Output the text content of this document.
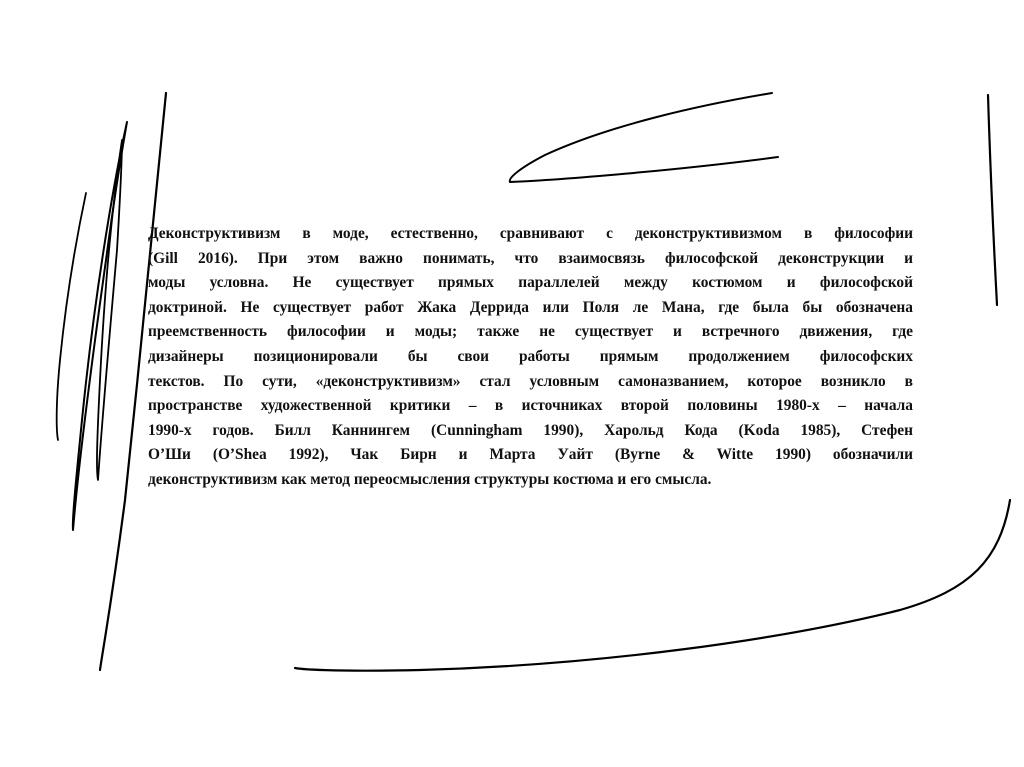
Деконструктивизм в моде, естественно, сравнивают с деконструктивизмом в философии
(Gill 2016). При этом важно понимать, что взаимосвязь философской деконструкции и
моды условна. Не существует прямых параллелей между костюмом и философской
доктриной. Не существует работ Жака Деррида или Поля ле Мана, где была бы обозначена
преемственность философии и моды; также не существует и встречного движения, где
дизайнеры позиционировали бы свои работы прямым продолжением философских
текстов. По сути, «деконструктивизм» стал условным самоназванием, которое возникло в
пространстве художественной критики – в источниках второй половины 1980-х – начала
1990-х годов. Билл Каннингем (Cunningham 1990), Харольд Кода (Koda 1985), Стефен
О’Ши (O’Shea 1992), Чак Бирн и Марта Уайт (Byrne & Witte 1990) обозначили
деконструктивизм как метод переосмысления структуры костюма и его смысла.
